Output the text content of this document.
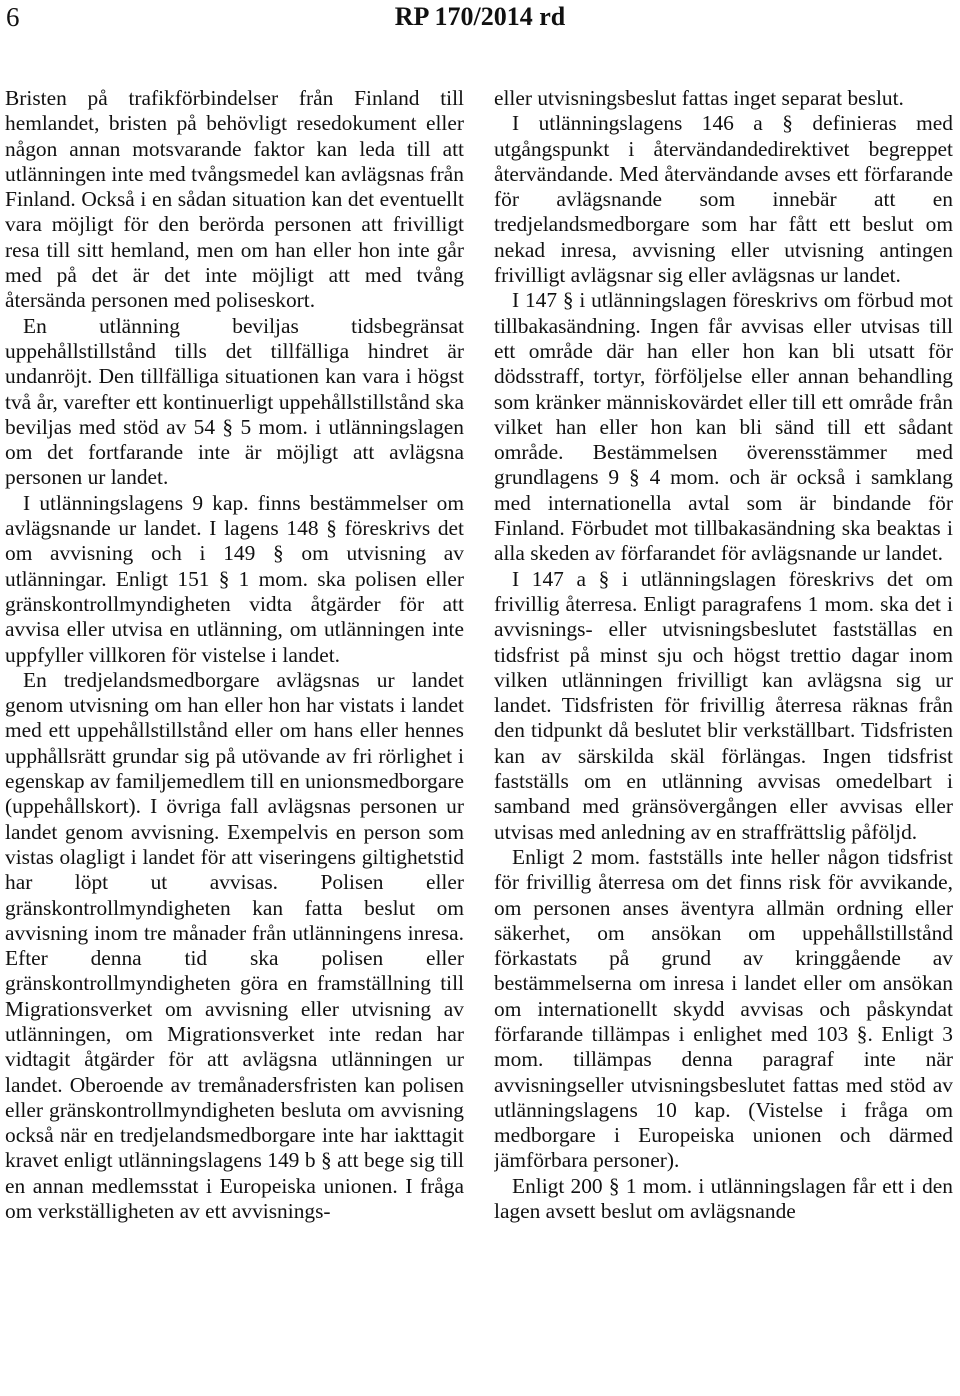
6	RP 170/2014 rd

Bristen på trafikförbindelser från Finland till hemlandet, bristen på behövligt resedokument eller någon annan motsvarande faktor kan leda till att utlänningen inte med tvångsmedel kan avlägsnas från Finland. Också i en sådan situation kan det eventuellt vara möjligt för den berörda personen att frivilligt resa till sitt hemland, men om han eller hon inte går med på det är det inte möjligt att med tvång återsända personen med poliseskort.

En utlänning beviljas tidsbegränsat uppehållstillstånd tills det tillfälliga hindret är undanröjt. Den tillfälliga situationen kan vara i högst två år, varefter ett kontinuerligt uppehållstillstånd ska beviljas med stöd av 54 § 5 mom. i utlänningslagen om det fortfarande inte är möjligt att avlägsna personen ur landet.

I utlänningslagens 9 kap. finns bestämmelser om avlägsnande ur landet. I lagens 148 § föreskrivs det om avvisning och i 149 § om utvisning av utlänningar. Enligt 151 § 1 mom. ska polisen eller gränskontrollmyndigheten vidta åtgärder för att avvisa eller utvisa en utlänning, om utlänningen inte uppfyller villkoren för vistelse i landet.

En tredjelandsmedborgare avlägsnas ur landet genom utvisning om han eller hon har vistats i landet med ett uppehållstillstånd eller om hans eller hennes upphållsrätt grundar sig på utövande av fri rörlighet i egenskap av familjemedlem till en unionsmedborgare (uppehållskort). I övriga fall avlägsnas personen ur landet genom avvisning. Exempelvis en person som vistas olagligt i landet för att viseringens giltighetstid har löpt ut avvisas. Polisen eller gränskontrollmyndigheten kan fatta beslut om avvisning inom tre månader från utlänningens inresa. Efter denna tid ska polisen eller gränskontrollmyndigheten göra en framställning till Migrationsverket om avvisning eller utvisning av utlänningen, om Migrationsverket inte redan har vidtagit åtgärder för att avlägsna utlänningen ur landet. Oberoende av tremånadersfristen kan polisen eller gränskontrollmyndigheten besluta om avvisning också när en tredjelandsmedborgare inte har iakttagit kravet enligt utlänningslagens 149 b § att bege sig till en annan medlemsstat i Europeiska unionen. I fråga om verkställigheten av ett avvisnings-

eller utvisningsbeslut fattas inget separat beslut.

I utlänningslagens 146 a § definieras med utgångspunkt i återvändandedirektivet begreppet återvändande. Med återvändande avses ett förfarande för avlägsnande som innebär att en tredjelandsmedborgare som har fått ett beslut om nekad inresa, avvisning eller utvisning antingen frivilligt avlägsnar sig eller avlägsnas ur landet.

I 147 § i utlänningslagen föreskrivs om förbud mot tillbakasändning. Ingen får avvisas eller utvisas till ett område där han eller hon kan bli utsatt för dödsstraff, tortyr, förföljelse eller annan behandling som kränker människovärdet eller till ett område från vilket han eller hon kan bli sänd till ett sådant område. Bestämmelsen överensstämmer med grundlagens 9 § 4 mom. och är också i samklang med internationella avtal som är bindande för Finland. Förbudet mot tillbakasändning ska beaktas i alla skeden av förfarandet för avlägsnande ur landet.

I 147 a § i utlänningslagen föreskrivs det om frivillig återresa. Enligt paragrafens 1 mom. ska det i avvisnings- eller utvisningsbeslutet fastställas en tidsfrist på minst sju och högst trettio dagar inom vilken utlänningen frivilligt kan avlägsna sig ur landet. Tidsfristen för frivillig återresa räknas från den tidpunkt då beslutet blir verkställbart. Tidsfristen kan av särskilda skäl förlängas. Ingen tidsfrist fastställs om en utlänning avvisas omedelbart i samband med gränsövergången eller avvisas eller utvisas med anledning av en straffrättslig påföljd.

Enligt 2 mom. fastställs inte heller någon tidsfrist för frivillig återresa om det finns risk för avvikande, om personen anses äventyra allmän ordning eller säkerhet, om ansökan om uppehållstillstånd förkastats på grund av kringgående av bestämmelserna om inresa i landet eller om ansökan om internationellt skydd avvisas och påskyndat förfarande tillämpas i enlighet med 103 §. Enligt 3 mom. tillämpas denna paragraf inte när avvisningseller utvisningsbeslutet fattas med stöd av utlänningslagens 10 kap. (Vistelse i fråga om medborgare i Europeiska unionen och därmed jämförbara personer).

Enligt 200 § 1 mom. i utlänningslagen får ett i den lagen avsett beslut om avlägsnande
